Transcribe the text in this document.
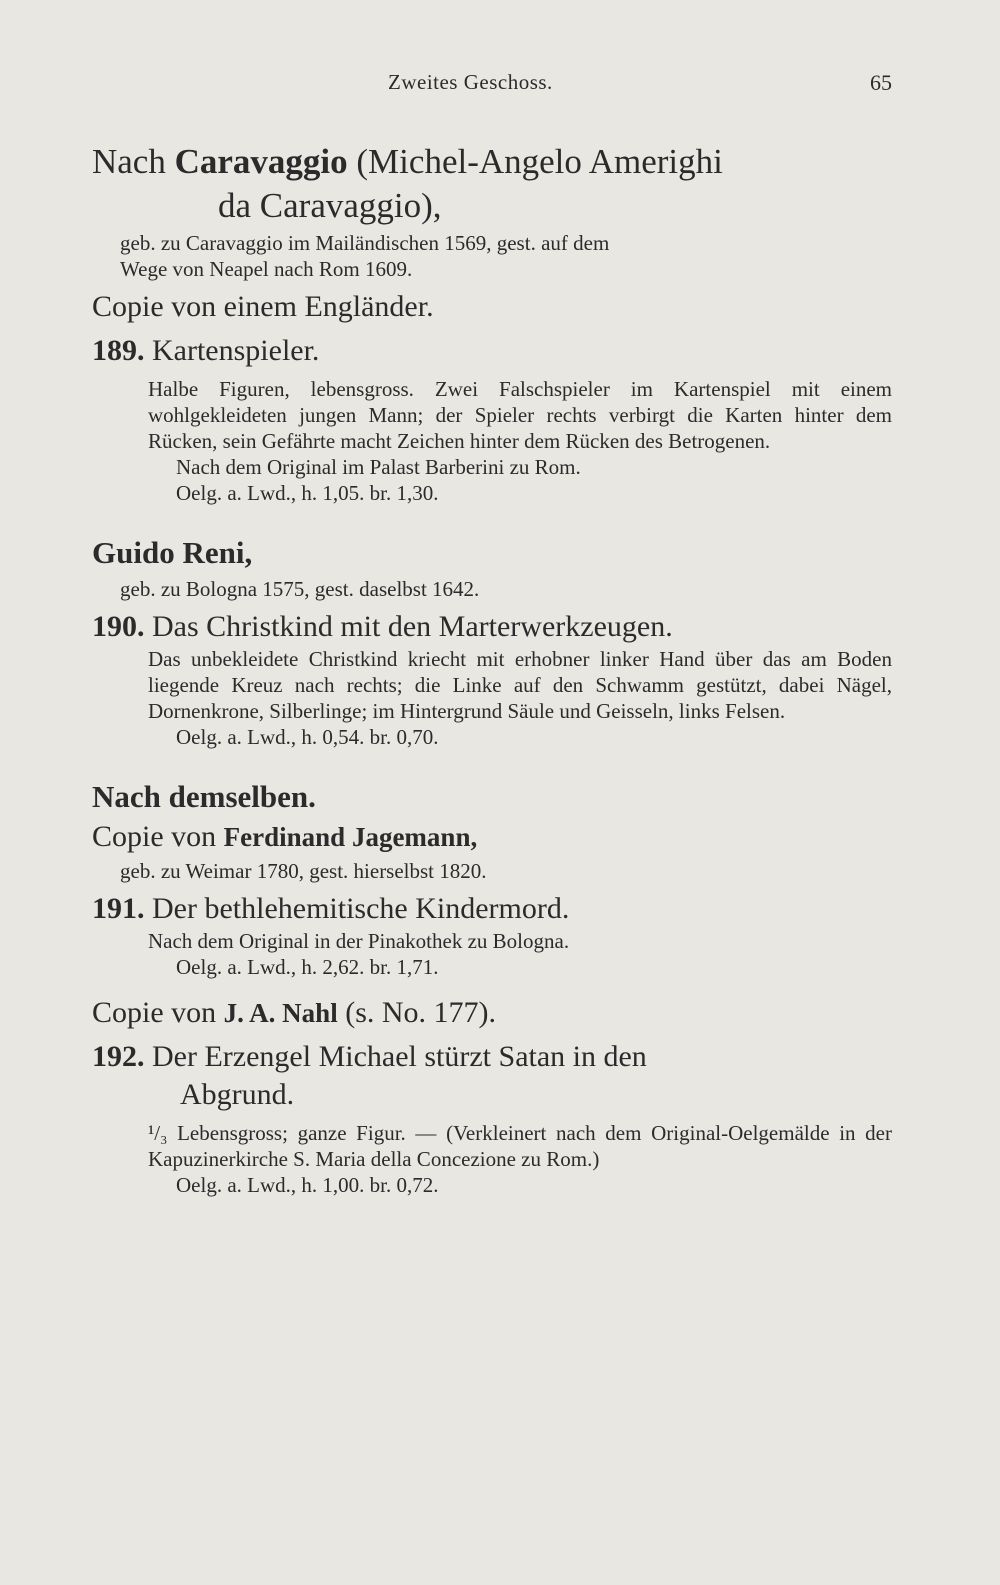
Zweites Geschoss.	65
Nach Caravaggio (Michel-Angelo Amerighi
da Caravaggio),
geb. zu Caravaggio im Mailändischen 1569, gest. auf dem
Wege von Neapel nach Rom 1609.
Copie von einem Engländer.
189. Kartenspieler.
Halbe Figuren, lebensgross. Zwei Falschspieler im Kartenspiel mit einem wohlgekleideten jungen Mann; der Spieler rechts verbirgt die Karten hinter dem Rücken, sein Gefährte macht Zeichen hinter dem Rücken des Betrogenen.
Nach dem Original im Palast Barberini zu Rom.
Oelg. a. Lwd., h. 1,05. br. 1,30.
Guido Reni,
geb. zu Bologna 1575, gest. daselbst 1642.
190. Das Christkind mit den Marterwerkzeugen.
Das unbekleidete Christkind kriecht mit erhobner linker Hand über das am Boden liegende Kreuz nach rechts; die Linke auf den Schwamm gestützt, dabei Nägel, Dornenkrone, Silberlinge; im Hintergrund Säule und Geisseln, links Felsen.
Oelg. a. Lwd., h. 0,54. br. 0,70.
Nach demselben.
Copie von Ferdinand Jagemann,
geb. zu Weimar 1780, gest. hierselbst 1820.
191. Der bethlehemitische Kindermord.
Nach dem Original in der Pinakothek zu Bologna.
Oelg. a. Lwd., h. 2,62. br. 1,71.
Copie von J. A. Nahl (s. No. 177).
192. Der Erzengel Michael stürzt Satan in den
Abgrund.
¹/₃ Lebensgross; ganze Figur. — (Verkleinert nach dem Original-Oelgemälde in der Kapuzinerkirche S. Maria della Concezione zu Rom.)
Oelg. a. Lwd., h. 1,00. br. 0,72.
